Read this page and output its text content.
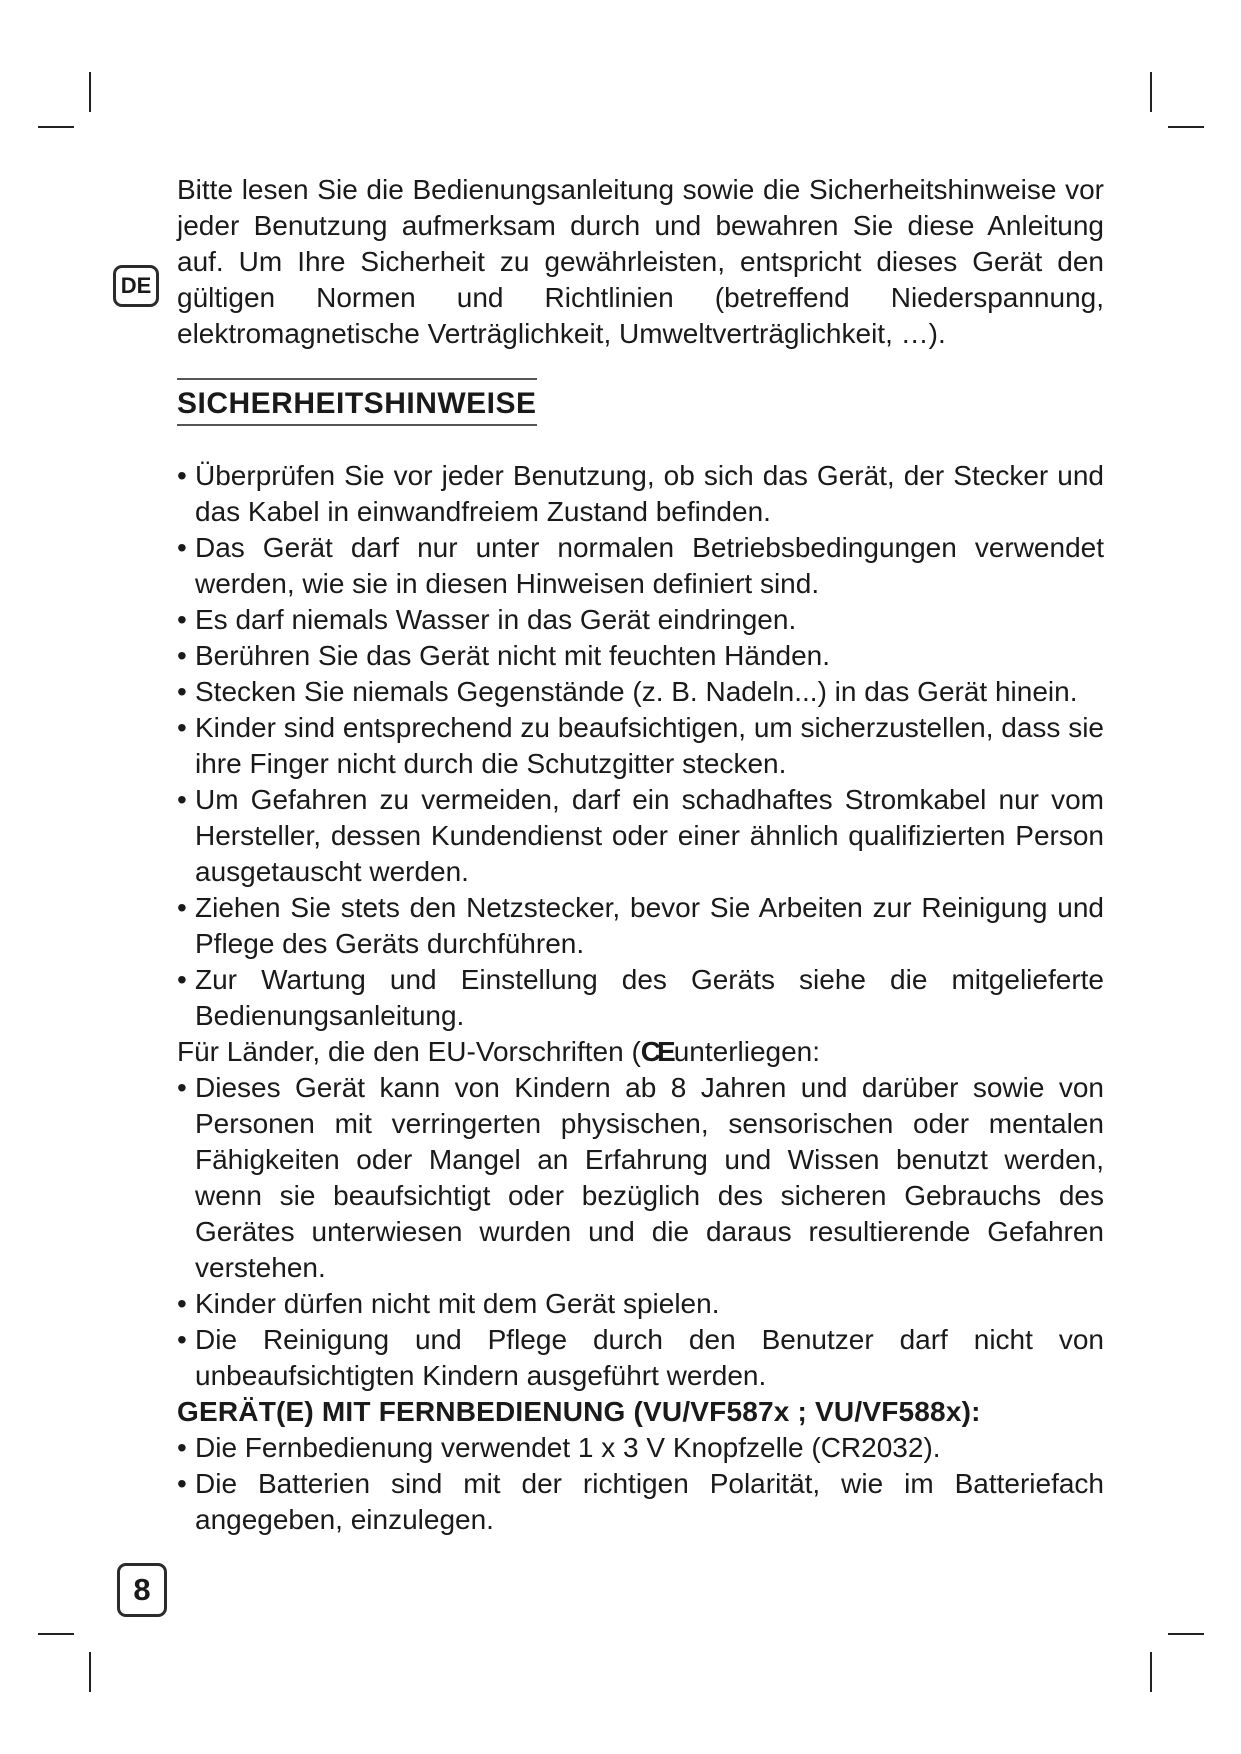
DE

Bitte lesen Sie die Bedienungsanleitung sowie die Sicherheitshinweise vor jeder Benutzung aufmerksam durch und bewahren Sie diese Anleitung auf. Um Ihre Sicherheit zu gewährleisten, entspricht dieses Gerät den gültigen Normen und Richtlinien (betreffend Niederspannung, elektromagnetische Verträglichkeit, Umweltverträglichkeit, …).

SICHERHEITSHINWEISE
• Überprüfen Sie vor jeder Benutzung, ob sich das Gerät, der Stecker und das Kabel in einwandfreiem Zustand befinden.
• Das Gerät darf nur unter normalen Betriebsbedingungen verwendet werden, wie sie in diesen Hinweisen definiert sind.
• Es darf niemals Wasser in das Gerät eindringen.
• Berühren Sie das Gerät nicht mit feuchten Händen.
• Stecken Sie niemals Gegenstände (z. B. Nadeln...) in das Gerät hinein.
• Kinder sind entsprechend zu beaufsichtigen, um sicherzustellen, dass sie ihre Finger nicht durch die Schutzgitter stecken.
• Um Gefahren zu vermeiden, darf ein schadhaftes Stromkabel nur vom Hersteller, dessen Kundendienst oder einer ähnlich qualifizierten Person ausgetauscht werden.
• Ziehen Sie stets den Netzstecker, bevor Sie Arbeiten zur Reinigung und Pflege des Geräts durchführen.
• Zur Wartung und Einstellung des Geräts siehe die mitgelieferte Bedienungsanleitung.

Für Länder, die den EU-Vorschriften (CEunterliegen:

• Dieses Gerät kann von Kindern ab 8 Jahren und darüber sowie von Personen mit verringerten physischen, sensorischen oder mentalen Fähigkeiten oder Mangel an Erfahrung und Wissen benutzt werden, wenn sie beaufsichtigt oder bezüglich des sicheren Gebrauchs des Gerätes unterwiesen wurden und die daraus resultierende Gefahren verstehen.
• Kinder dürfen nicht mit dem Gerät spielen.
• Die Reinigung und Pflege durch den Benutzer darf nicht von unbeaufsichtigten Kindern ausgeführt werden.

GERÄT(E) MIT FERNBEDIENUNG (VU/VF587x ; VU/VF588x):

• Die Fernbedienung verwendet 1 x 3 V Knopfzelle (CR2032).
• Die Batterien sind mit der richtigen Polarität, wie im Batteriefach angegeben, einzulegen.
8
